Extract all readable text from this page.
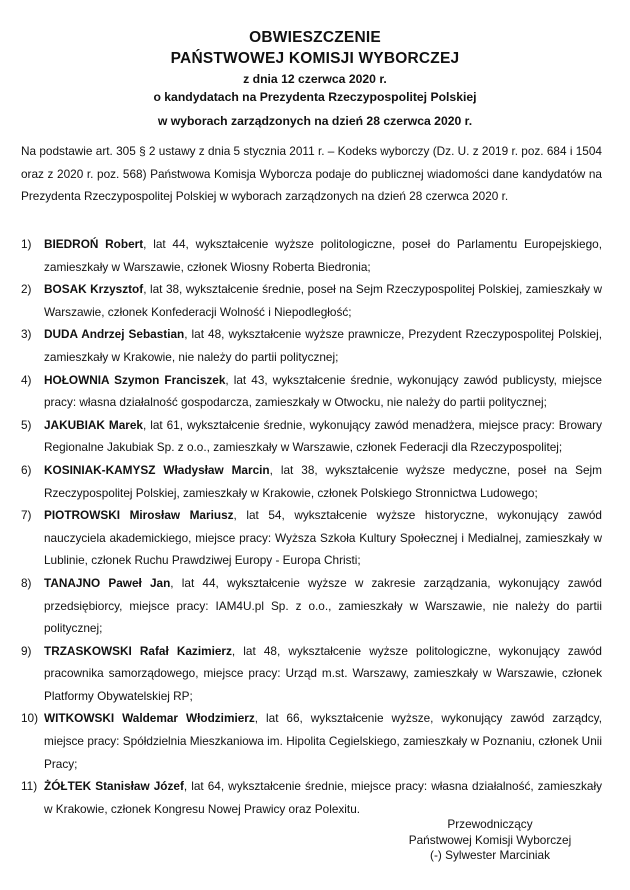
OBWIESZCZENIE
PAŃSTWOWEJ KOMISJI WYBORCZEJ
z dnia 12 czerwca 2020 r.
o kandydatach na Prezydenta Rzeczypospolitej Polskiej
w wyborach zarządzonych na dzień 28 czerwca 2020 r.
Na podstawie art. 305 § 2 ustawy z dnia 5 stycznia 2011 r. – Kodeks wyborczy (Dz. U. z 2019 r. poz. 684 i 1504 oraz z 2020 r. poz. 568) Państwowa Komisja Wyborcza podaje do publicznej wiadomości dane kandydatów na Prezydenta Rzeczypospolitej Polskiej w wyborach zarządzonych na dzień 28 czerwca 2020 r.
1) BIEDROŃ Robert, lat 44, wykształcenie wyższe politologiczne, poseł do Parlamentu Europejskiego, zamieszkały w Warszawie, członek Wiosny Roberta Biedronia;
2) BOSAK Krzysztof, lat 38, wykształcenie średnie, poseł na Sejm Rzeczypospolitej Polskiej, zamieszkały w Warszawie, członek Konfederacji Wolność i Niepodległość;
3) DUDA Andrzej Sebastian, lat 48, wykształcenie wyższe prawnicze, Prezydent Rzeczypospolitej Polskiej, zamieszkały w Krakowie, nie należy do partii politycznej;
4) HOŁOWNIA Szymon Franciszek, lat 43, wykształcenie średnie, wykonujący zawód publicysty, miejsce pracy: własna działalność gospodarcza, zamieszkały w Otwocku, nie należy do partii politycznej;
5) JAKUBIAK Marek, lat 61, wykształcenie średnie, wykonujący zawód menadżera, miejsce pracy: Browary Regionalne Jakubiak Sp. z o.o., zamieszkały w Warszawie, członek Federacji dla Rzeczypospolitej;
6) KOSINIAK-KAMYSZ Władysław Marcin, lat 38, wykształcenie wyższe medyczne, poseł na Sejm Rzeczypospolitej Polskiej, zamieszkały w Krakowie, członek Polskiego Stronnictwa Ludowego;
7) PIOTROWSKI Mirosław Mariusz, lat 54, wykształcenie wyższe historyczne, wykonujący zawód nauczyciela akademickiego, miejsce pracy: Wyższa Szkoła Kultury Społecznej i Medialnej, zamieszkały w Lublinie, członek Ruchu Prawdziwej Europy - Europa Christi;
8) TANAJNO Paweł Jan, lat 44, wykształcenie wyższe w zakresie zarządzania, wykonujący zawód przedsiębiorcy, miejsce pracy: IAM4U.pl Sp. z o.o., zamieszkały w Warszawie, nie należy do partii politycznej;
9) TRZASKOWSKI Rafał Kazimierz, lat 48, wykształcenie wyższe politologiczne, wykonujący zawód pracownika samorządowego, miejsce pracy: Urząd m.st. Warszawy, zamieszkały w Warszawie, członek Platformy Obywatelskiej RP;
10) WITKOWSKI Waldemar Włodzimierz, lat 66, wykształcenie wyższe, wykonujący zawód zarządcy, miejsce pracy: Spółdzielnia Mieszkaniowa im. Hipolita Cegielskiego, zamieszkały w Poznaniu, członek Unii Pracy;
11) ŻÓŁTEK Stanisław Józef, lat 64, wykształcenie średnie, miejsce pracy: własna działalność, zamieszkały w Krakowie, członek Kongresu Nowej Prawicy oraz Polexitu.
Przewodniczący
Państwowej Komisji Wyborczej
(-) Sylwester Marciniak
